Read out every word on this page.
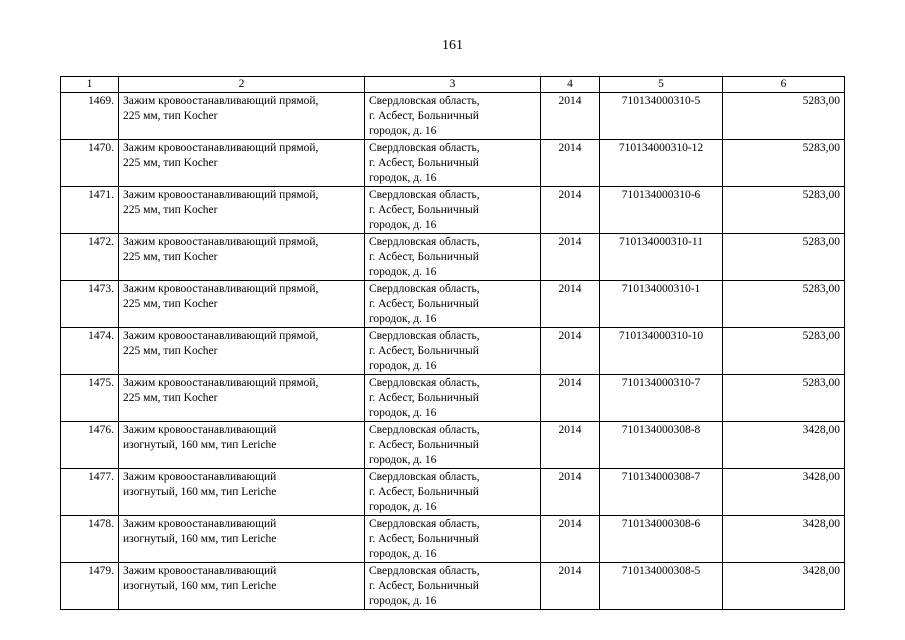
161
1	2	3	4	5	6
1469.	Зажим кровоостанавливающий прямой,
225 мм, тип Kocher	Свердловская область,
г. Асбест, Больничный
городок, д. 16	2014	710134000310-5	5283,00
1470.	Зажим кровоостанавливающий прямой,
225 мм, тип Kocher	Свердловская область,
г. Асбест, Больничный
городок, д. 16	2014	710134000310-12	5283,00
1471.	Зажим кровоостанавливающий прямой,
225 мм, тип Kocher	Свердловская область,
г. Асбест, Больничный
городок, д. 16	2014	710134000310-6	5283,00
1472.	Зажим кровоостанавливающий прямой,
225 мм, тип Kocher	Свердловская область,
г. Асбест, Больничный
городок, д. 16	2014	710134000310-11	5283,00
1473.	Зажим кровоостанавливающий прямой,
225 мм, тип Kocher	Свердловская область,
г. Асбест, Больничный
городок, д. 16	2014	710134000310-1	5283,00
1474.	Зажим кровоостанавливающий прямой,
225 мм, тип Kocher	Свердловская область,
г. Асбест, Больничный
городок, д. 16	2014	710134000310-10	5283,00
1475.	Зажим кровоостанавливающий прямой,
225 мм, тип Kocher	Свердловская область,
г. Асбест, Больничный
городок, д. 16	2014	710134000310-7	5283,00
1476.	Зажим кровоостанавливающий
изогнутый, 160 мм, тип Leriche	Свердловская область,
г. Асбест, Больничный
городок, д. 16	2014	710134000308-8	3428,00
1477.	Зажим кровоостанавливающий
изогнутый, 160 мм, тип Leriche	Свердловская область,
г. Асбест, Больничный
городок, д. 16	2014	710134000308-7	3428,00
1478.	Зажим кровоостанавливающий
изогнутый, 160 мм, тип Leriche	Свердловская область,
г. Асбест, Больничный
городок, д. 16	2014	710134000308-6	3428,00
1479.	Зажим кровоостанавливающий
изогнутый, 160 мм, тип Leriche	Свердловская область,
г. Асбест, Больничный
городок, д. 16	2014	710134000308-5	3428,00
